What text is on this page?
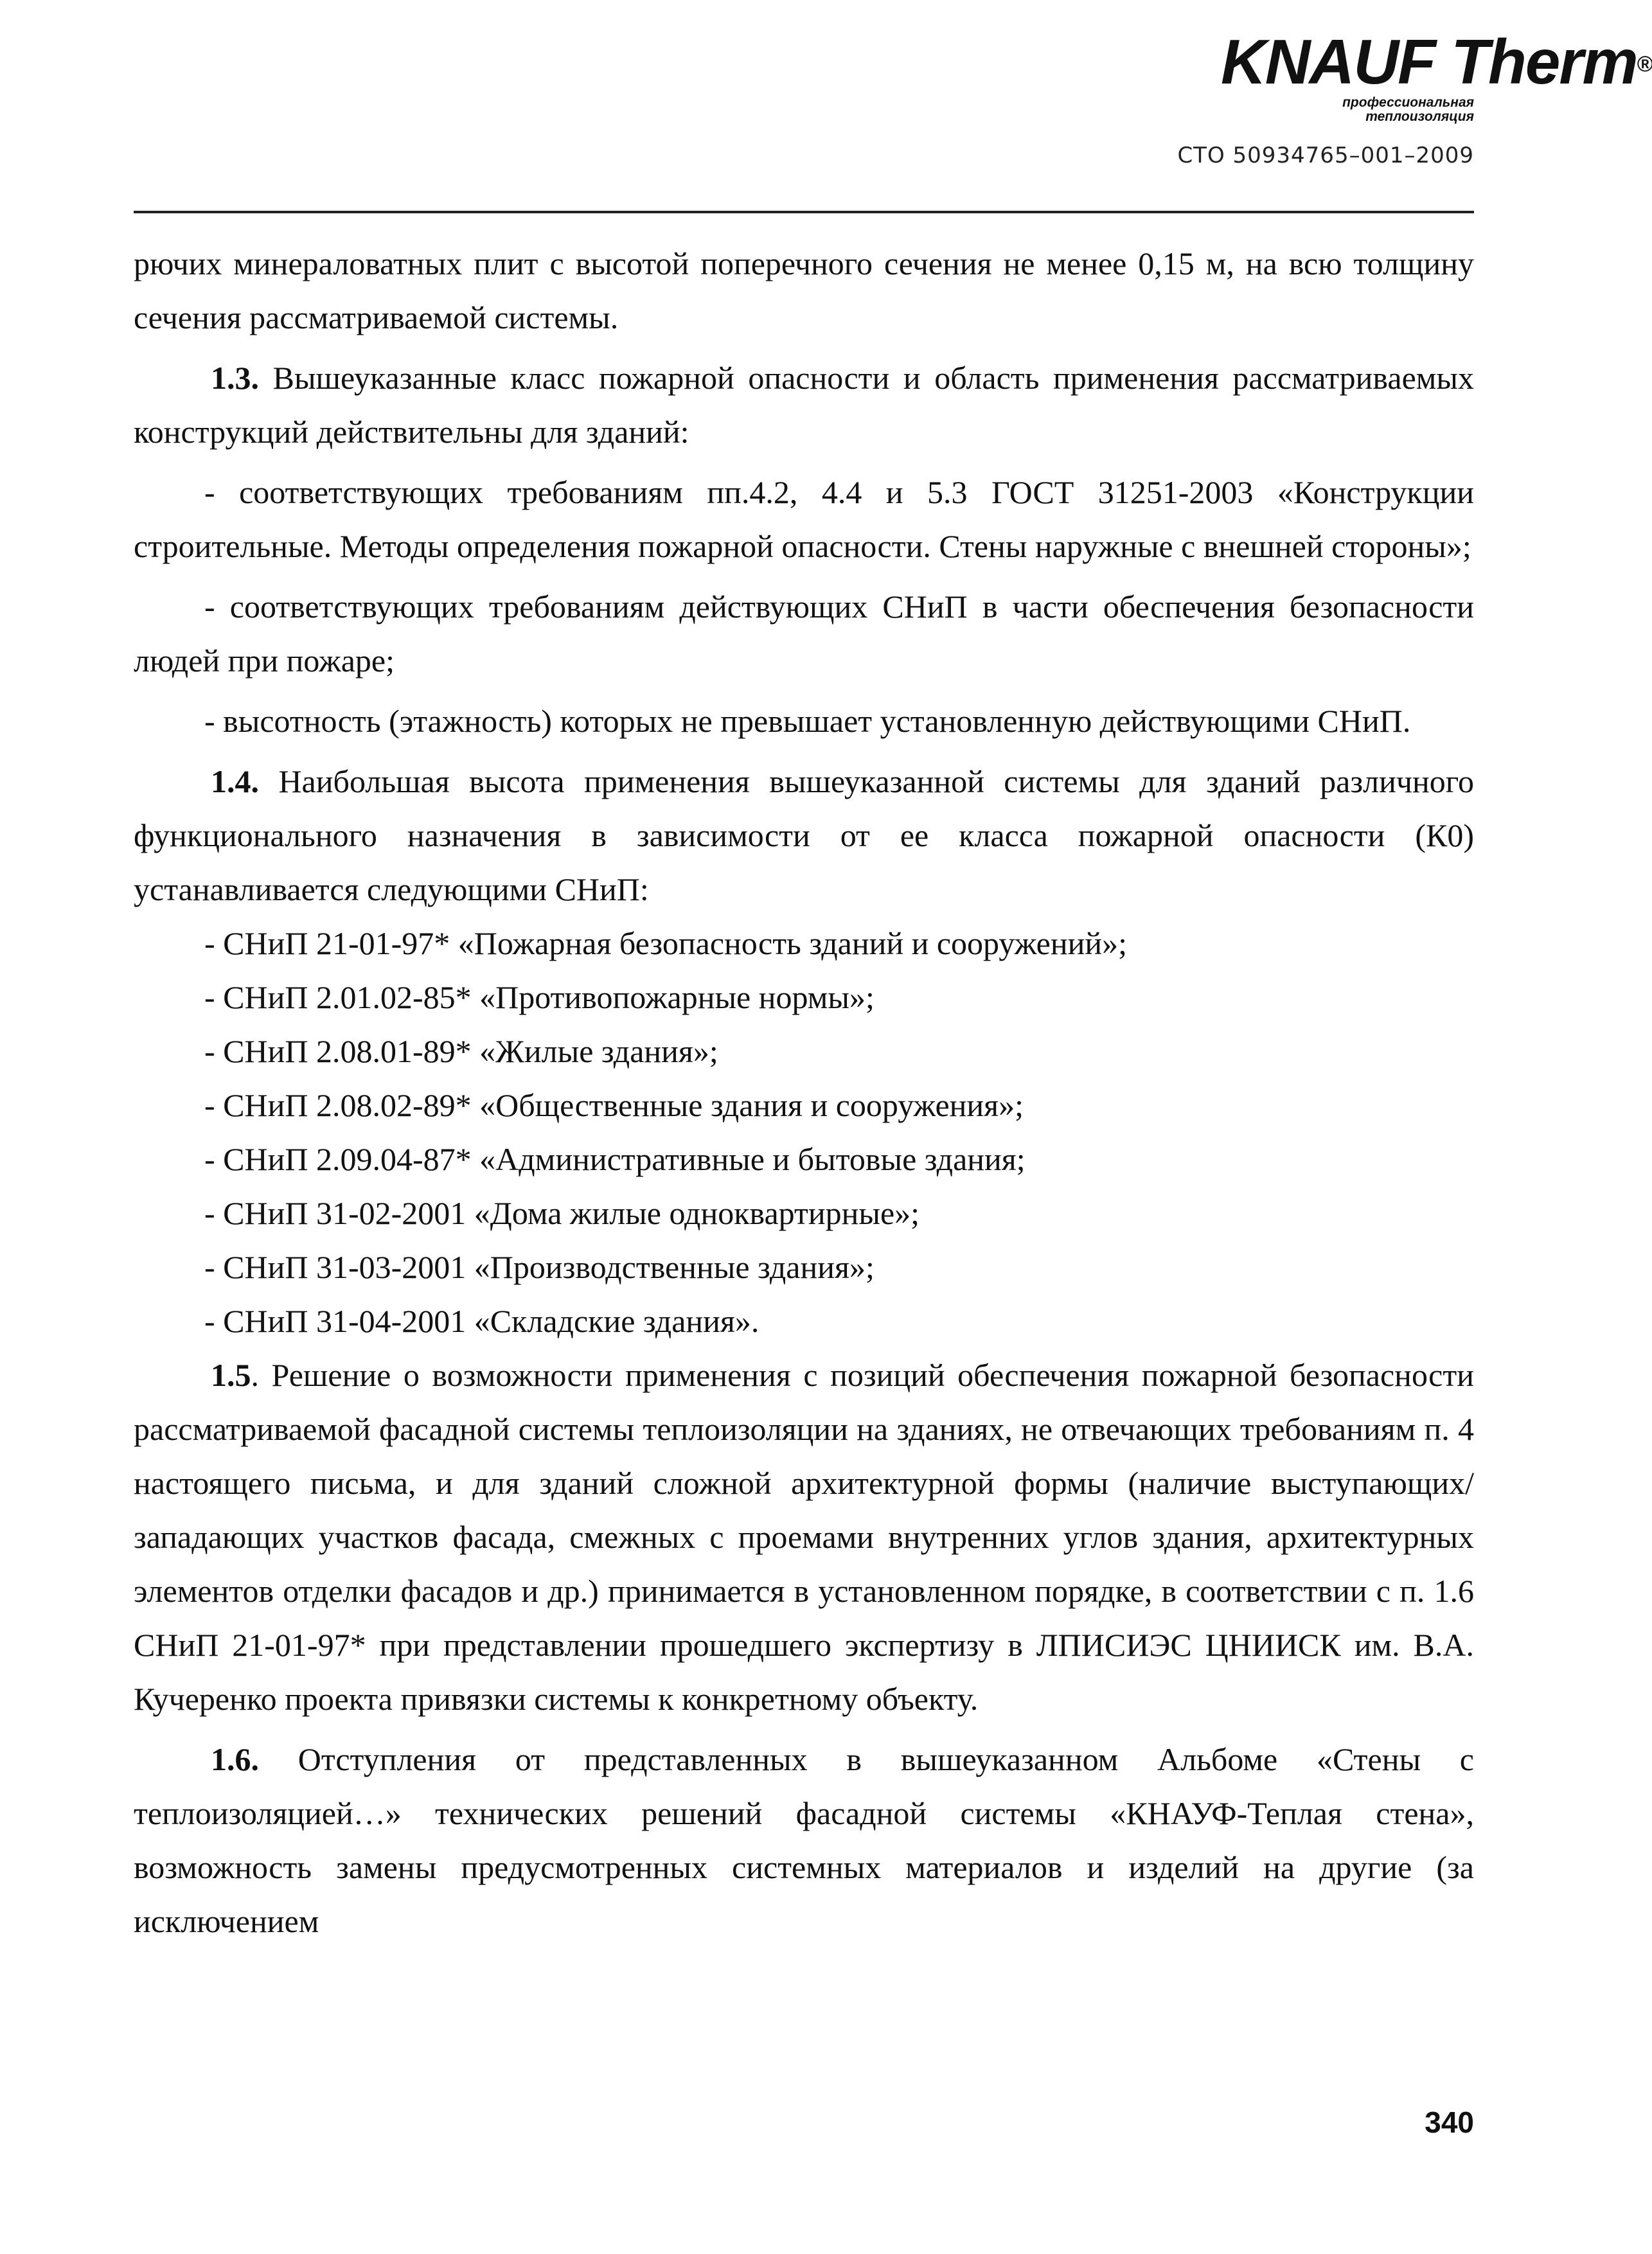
KNAUF Therm®
профессиональная
теплоизоляция
СТО 50934765–001–2009

рючих минераловатных плит с высотой поперечного сечения не менее 0,15 м, на всю толщину сечения рассматриваемой системы.

1.3. Вышеуказанные класс пожарной опасности и область применения рассматриваемых конструкций действительны для зданий:

- соответствующих требованиям пп.4.2, 4.4 и 5.3 ГОСТ 31251-2003 «Конструкции строительные. Методы определения пожарной опасности. Стены наружные с внешней стороны»;

- соответствующих требованиям действующих СНиП в части обеспечения безопасности людей при пожаре;

- высотность (этажность) которых не превышает установленную действующими СНиП.

1.4. Наибольшая высота применения вышеуказанной системы для зданий различного функционального назначения в зависимости от ее класса пожарной опасности (К0) устанавливается следующими СНиП:

- СНиП 21-01-97* «Пожарная безопасность зданий и сооружений»;

- СНиП 2.01.02-85* «Противопожарные нормы»;

- СНиП 2.08.01-89* «Жилые здания»;

- СНиП 2.08.02-89* «Общественные здания и сооружения»;

- СНиП 2.09.04-87* «Административные и бытовые здания;

- СНиП 31-02-2001 «Дома жилые одноквартирные»;

- СНиП 31-03-2001 «Производственные здания»;

- СНиП 31-04-2001 «Складские здания».

1.5. Решение о возможности применения с позиций обеспечения пожарной безопасности рассматриваемой фасадной системы теплоизоляции на зданиях, не отвечающих требованиям п. 4 настоящего письма, и для зданий сложной архитектурной формы (наличие выступающих/западающих участков фасада, смежных с проемами внутренних углов здания, архитектурных элементов отделки фасадов и др.) принимается в установленном порядке, в соответствии с п. 1.6 СНиП 21-01-97* при представлении прошедшего экспертизу в ЛПИСИЭС ЦНИИСК им. В.А. Кучеренко проекта привязки системы к конкретному объекту.

1.6. Отступления от представленных в вышеуказанном Альбоме «Стены с теплоизоляцией…» технических решений фасадной системы «КНАУФ-Теплая стена», возможность замены предусмотренных системных материалов и изделий на другие (за исключением

340
